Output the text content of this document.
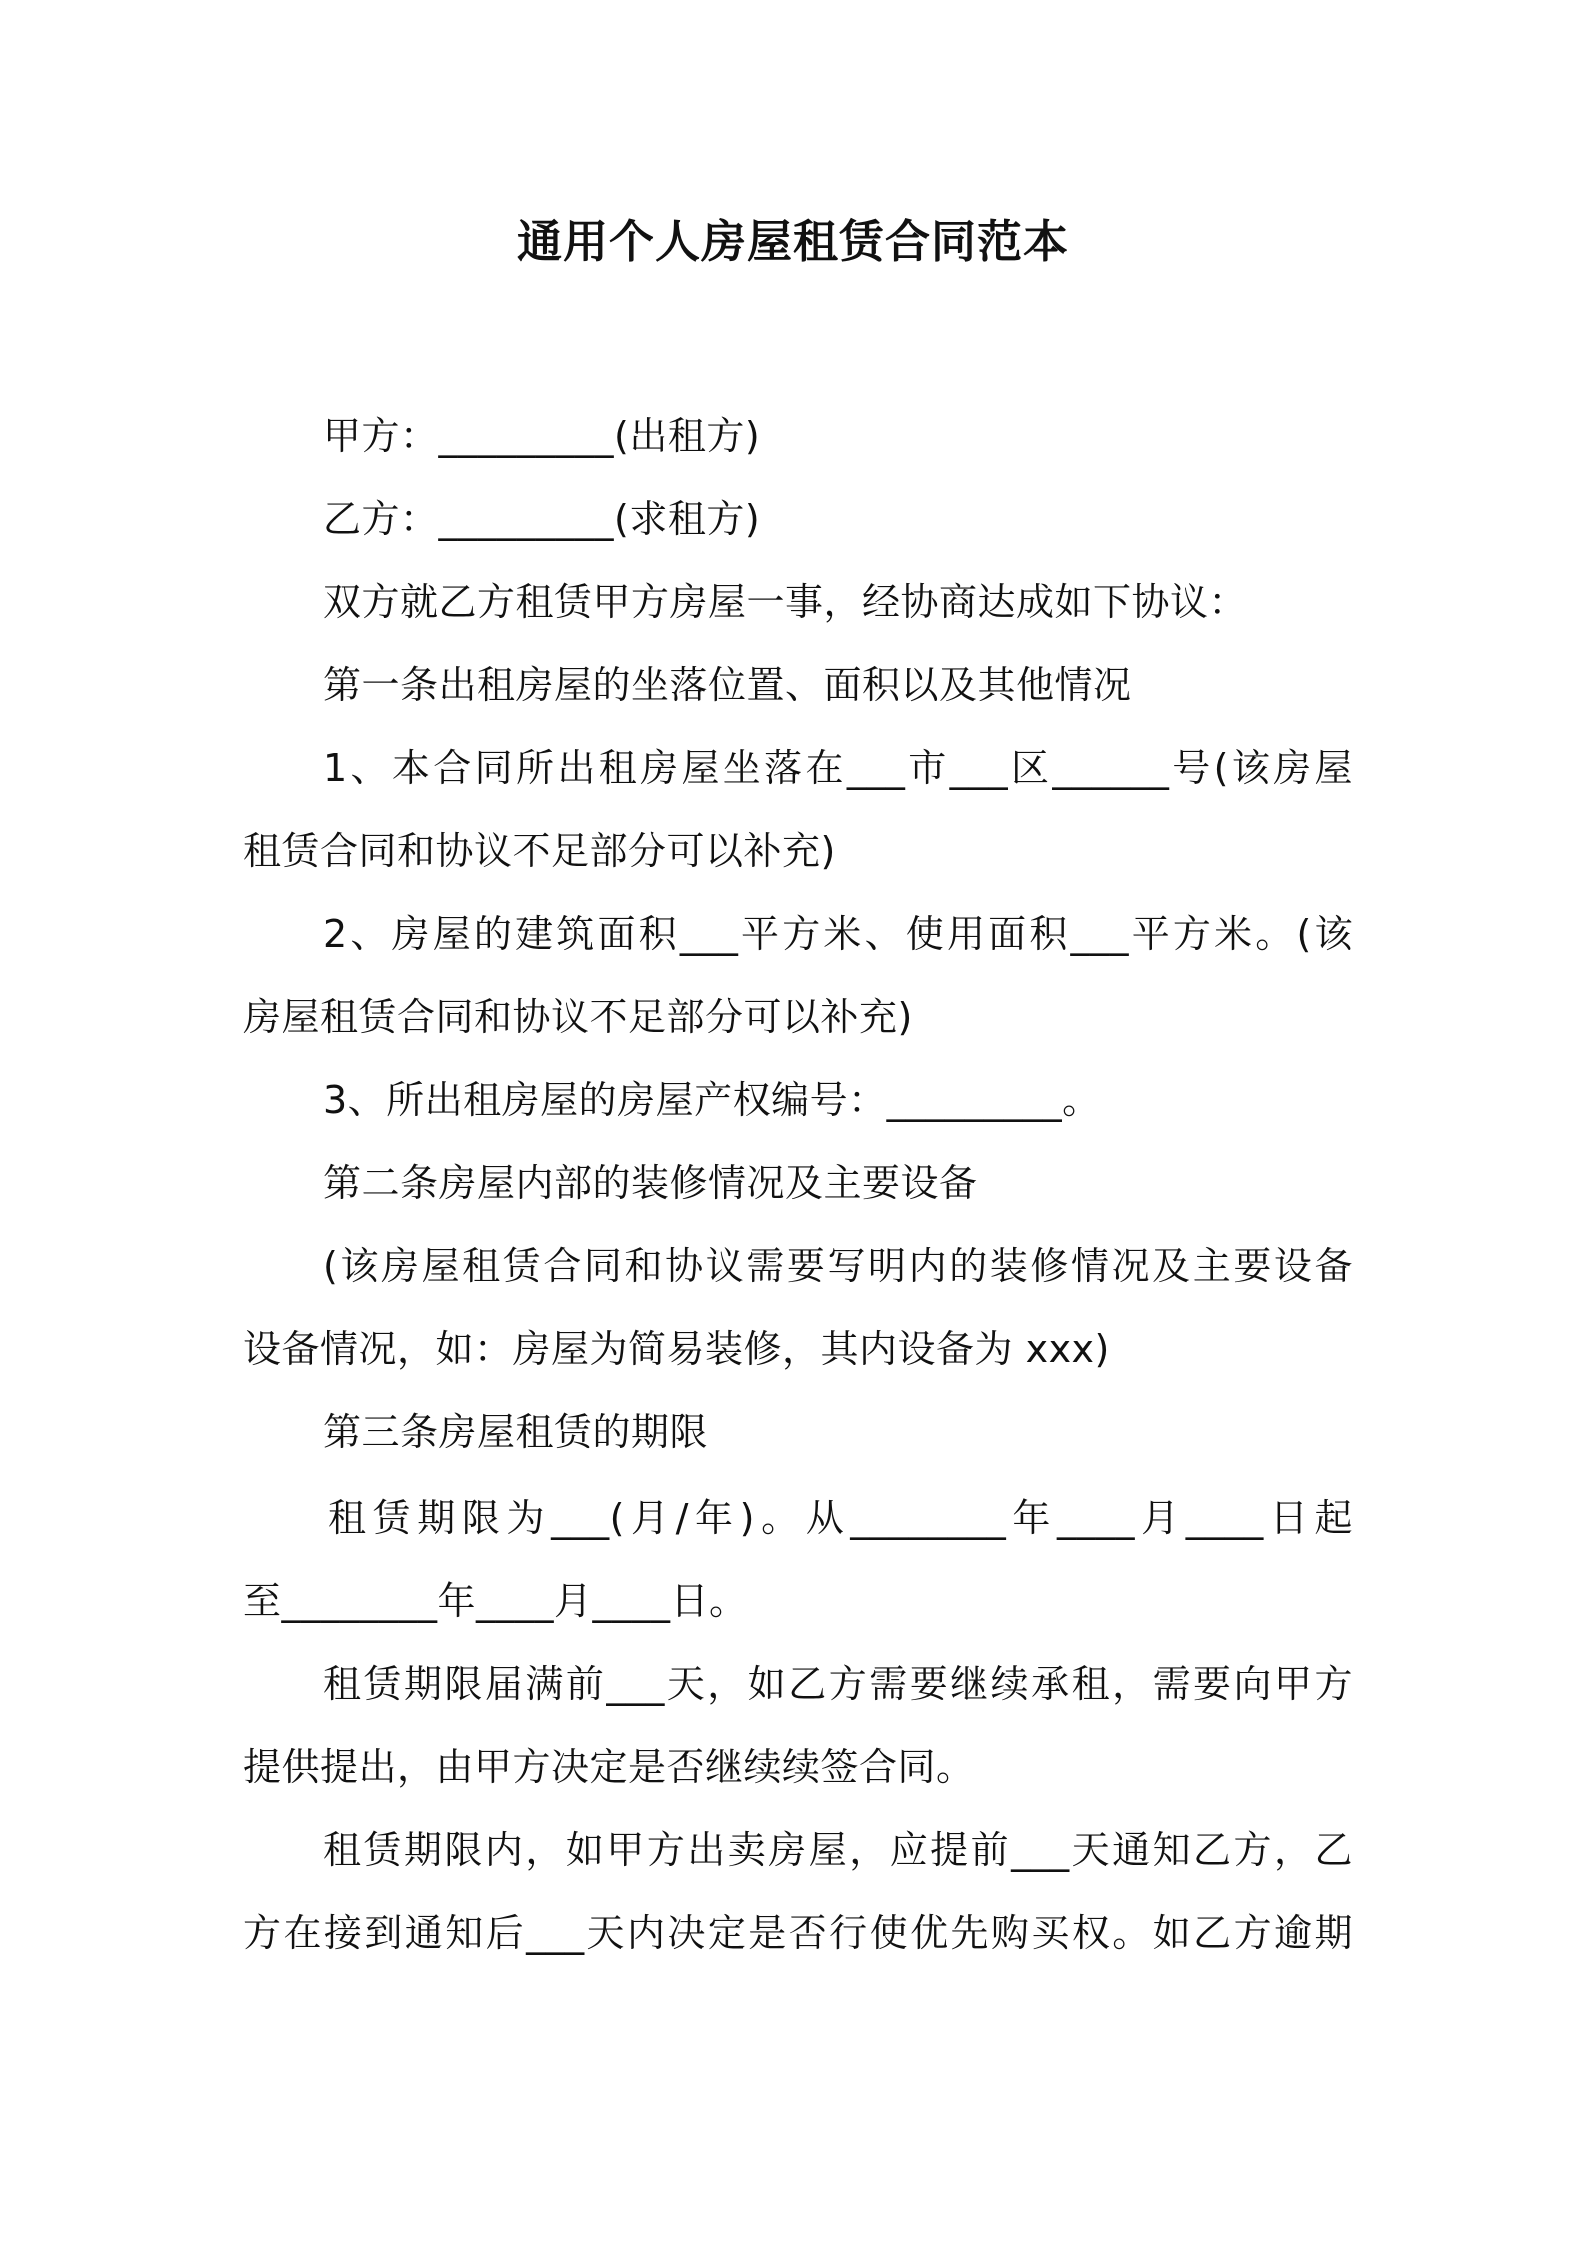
通用个人房屋租赁合同范本
甲方：_________(出租方)
乙方：_________(求租方)
双方就乙方租赁甲方房屋一事，经协商达成如下协议：
第一条出租房屋的坐落位置、面积以及其他情况
1、本合同所出租房屋坐落在___市___区______号(该房屋
租赁合同和协议不足部分可以补充)
2、房屋的建筑面积___平方米、使用面积___平方米。(该
房屋租赁合同和协议不足部分可以补充)
3、所出租房屋的房屋产权编号：_________。
第二条房屋内部的装修情况及主要设备
(该房屋租赁合同和协议需要写明内的装修情况及主要设备
设备情况，如：房屋为简易装修，其内设备为 xxx)
第三条房屋租赁的期限
租赁期限为___(月/年)。从________年____月____日起
至________年____月____日。
租赁期限届满前___天，如乙方需要继续承租，需要向甲方
提供提出，由甲方决定是否继续续签合同。
租赁期限内，如甲方出卖房屋，应提前___天通知乙方，乙
方在接到通知后___天内决定是否行使优先购买权。如乙方逾期
